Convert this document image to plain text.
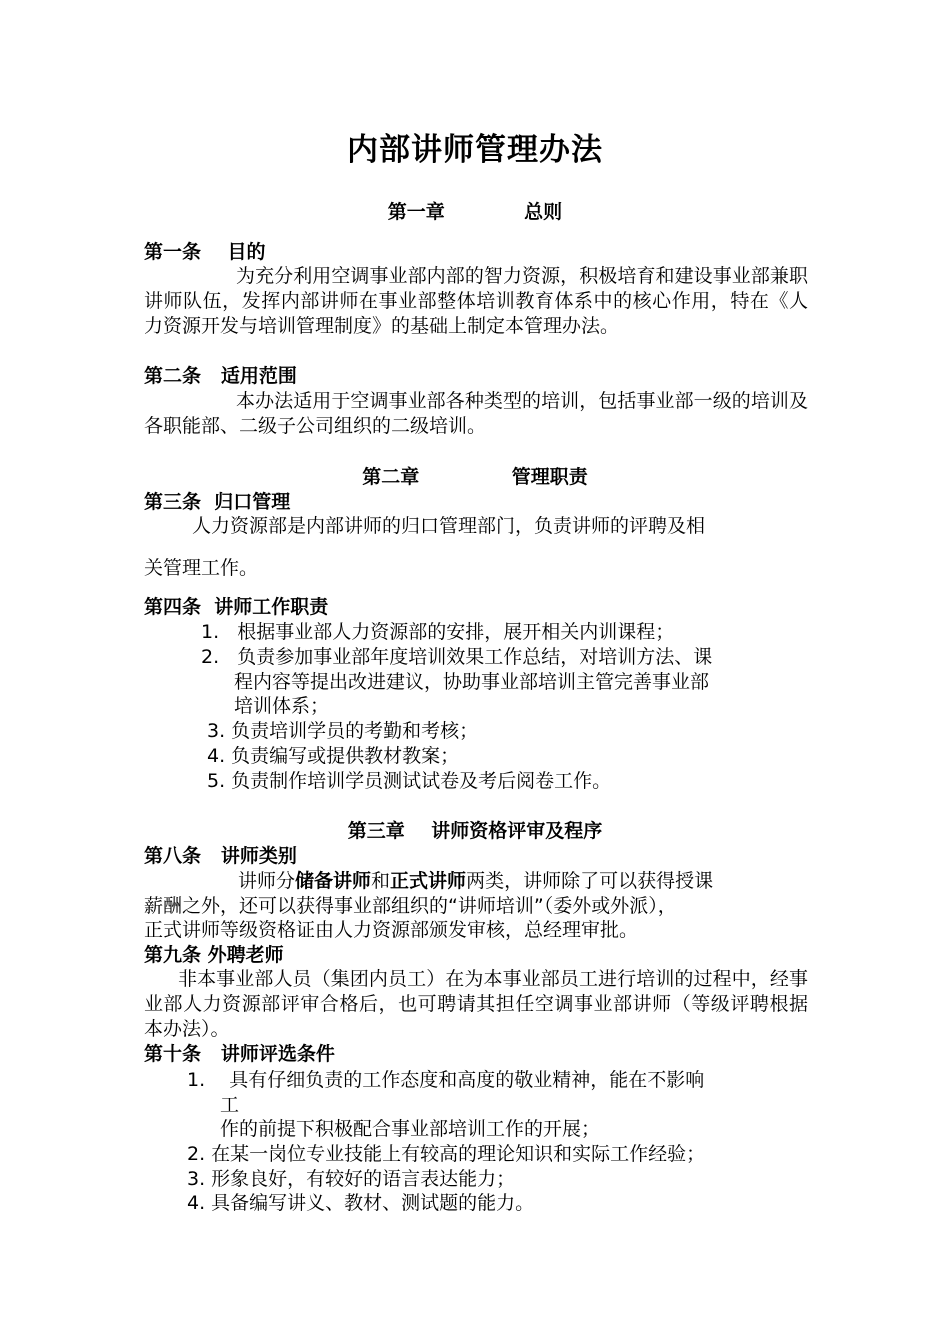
内部讲师管理办法
第一章            总则
第一条    目的
为充分利用空调事业部内部的智力资源，积极培育和建设事业部兼职讲师队伍，发挥内部讲师在事业部整体培训教育体系中的核心作用，特在《人力资源开发与培训管理制度》的基础上制定本管理办法。
第二条   适用范围
本办法适用于空调事业部各种类型的培训，包括事业部一级的培训及各职能部、二级子公司组织的二级培训。
第二章              管理职责
第三条  归口管理
人力资源部是内部讲师的归口管理部门，负责讲师的评聘及相
关管理工作。
第四条  讲师工作职责
1.   根据事业部人力资源部的安排，展开相关内训课程；
2.   负责参加事业部年度培训效果工作总结，对培训方法、课
程内容等提出改进建议，协助事业部培训主管完善事业部
培训体系；
3. 负责培训学员的考勤和考核；
4. 负责编写或提供教材教案；
5. 负责制作培训学员测试试卷及考后阅卷工作。
第三章    讲师资格评审及程序
第八条   讲师类别
讲师分储备讲师和正式讲师两类，讲师除了可以获得授课
薪酬之外，还可以获得事业部组织的“讲师培训”（委外或外派），
正式讲师等级资格证由人力资源部颁发审核，总经理审批。
第九条 外聘老师
非本事业部人员（集团内员工）在为本事业部员工进行培训的过程中，经事业部人力资源部评审合格后，也可聘请其担任空调事业部讲师（等级评聘根据本办法）。
第十条   讲师评选条件
1.    具有仔细负责的工作态度和高度的敬业精神，能在不影响
工
作的前提下积极配合事业部培训工作的开展；
2. 在某一岗位专业技能上有较高的理论知识和实际工作经验；
3. 形象良好，有较好的语言表达能力；
4. 具备编写讲义、教材、测试题的能力。
